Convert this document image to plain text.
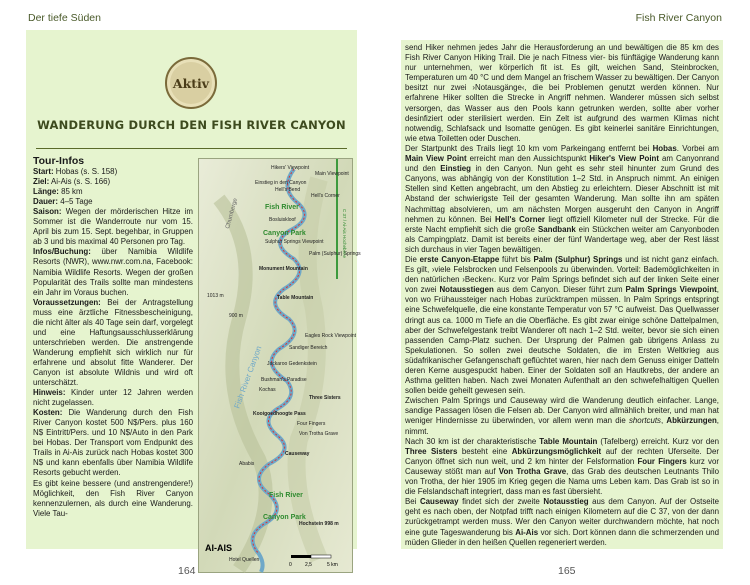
Der tiefe Süden
Aktiv
WANDERUNG DURCH DEN FISH RIVER CANYON
Tour-Infos

Start: Hobas (s. S. 158)

Ziel: Ai-Ais (s. S. 166)

Länge: 85 km

Dauer: 4–5 Tage

Saison: Wegen der mörderischen Hitze im Sommer ist die Wanderroute nur vom 15. April bis zum 15. Sept. begehbar, in Gruppen ab 3 und bis maximal 40 Personen pro Tag.

Infos/Buchung: über Namibia Wildlife Resorts (NWR), www.nwr.com.na, Facebook: Namibia Wildlife Resorts. Wegen der großen Popularität des Trails sollte man mindestens ein Jahr im Voraus buchen.

Voraussetzungen: Bei der Antragstellung muss eine ärztliche Fitnessbescheinigung, die nicht älter als 40 Tage sein darf, vorgelegt und eine Haftungsausschlusserklärung unterschrieben werden. Die anstrengende Wanderung empfiehlt sich wirklich nur für erfahrene und absolut fitte Wanderer. Der Canyon ist absolute Wildnis und wird oft unterschätzt.

Hinweis: Kinder unter 12 Jahren werden nicht zugelassen.

Kosten: Die Wanderung durch den Fish River Canyon kostet 500 N$/Pers. plus 160 N$ Eintritt/Pers. und 10 N$/Auto in den Park bei Hobas. Der Transport vom Endpunkt des Trails in Ai-Ais zurück nach Hobas kostet 300 N$ und kann ebenfalls über Namibia Wildlife Resorts gebucht werden.

Es gibt keine bessere (und anstrengendere!) Möglichkeit, den Fish River Canyon kennenzulernen, als durch eine Wanderung. Viele Tau-

Hikers' Viewpoint
Main Viewpoint
Einstieg in den Canyon
Hell's Bend
Hell's Corner
Bosluiskloof
Sulphur Springs Viewpoint
Palm (Sulphur) Springs
Monument Mountain
Table Mountain
Eagles Rock Viewpoint
Sandiger Bereich
Jackaroo Gedenkstein
Three Sisters
Bushman's Paradise
Kooigoedhoogte Pass
Kochas
Four Fingers
Von Trotha Grave
Causeway
Ababis
Hochstein 998 m
1013 m
900 m
Hotel Quellen
Fish River
Canyon Park
Fish River
Canyon Park
Chumberge
Fish River Canyon
C 37 / Ai-Ais Hochebene
AI-AIS
0	2,5	5 km
164
Fish River Canyon

send Hiker nehmen jedes Jahr die Herausforderung an und bewältigen die 85 km des Fish River Canyon Hiking Trail. Die je nach Fitness vier- bis fünftägige Wanderung kann nur unternehmen, wer körperlich fit ist. Es gilt, weichen Sand, Steinbrocken, Temperaturen um 40 °C und dem Mangel an frischem Wasser zu bewältigen. Der Canyon besitzt nur zwei ›Notausgänge‹, die bei Problemen genutzt werden können. Nur erfahrene Hiker sollten die Strecke in Angriff nehmen. Wanderer müssen sich selbst versorgen, das Wasser aus den Pools kann getrunken werden, sollte aber vorher desinfiziert oder sterilisiert werden. Ein Zelt ist aufgrund des warmen Klimas nicht notwendig, Schlafsack und Isomatte genügen. Es gibt keinerlei sanitäre Einrichtungen, wie etwa Toiletten oder Duschen.

Der Startpunkt des Trails liegt 10 km vom Parkeingang entfernt bei Hobas. Vorbei am Main View Point erreicht man den Aussichtspunkt Hiker's View Point am Canyonrand und den Einstieg in den Canyon. Nun geht es sehr steil hinunter zum Grund des Canyons, was abhängig von der Konstitution 1–2 Std. in Anspruch nimmt. An einigen Stellen sind Ketten angebracht, um den Abstieg zu erleichtern. Dieser Abschnitt ist mit Abstand der schwierigste Teil der gesamten Wanderung. Man sollte ihn am späten Nachmittag absolvieren, um am nächsten Morgen ausgeruht den Canyon in Angriff nehmen zu können. Bei Hell's Corner liegt offiziell Kilometer null der Strecke. Für die erste Nacht empfiehlt sich die große Sandbank ein Stückchen weiter am Canyonboden als Campingplatz. Damit ist bereits einer der fünf Wandertage weg, aber der Rest lässt sich durchaus in vier Tagen bewältigen.

Die erste Canyon-Etappe führt bis Palm (Sulphur) Springs und ist nicht ganz einfach. Es gilt, ›viele Felsbrocken und Felsenpools zu überwinden. Vorteil: Bademöglichkeiten in den natürlichen ›Becken‹. Kurz vor Palm Springs befindet sich auf der linken Seite einer von zwei Notausstiegen aus dem Canyon. Dieser führt zum Palm Springs Viewpoint, von wo Frühaussteiger nach Hobas zurücktrampen müssen. In Palm Springs entspringt eine Schwefelquelle, die eine konstante Temperatur von 57 °C aufweist. Das Quellwasser dringt aus ca. 1000 m Tiefe an die Oberfläche. Es gibt zwar einige schöne Dattelpalmen, aber der Schwefelgestank treibt Wanderer oft nach 1–2 Std. weiter, bevor sie sich einen passenden Camp-Platz suchen. Der Ursprung der Palmen gab übrigens Anlass zu Spekulationen. So sollen zwei deutsche Soldaten, die im Ersten Weltkrieg aus südafrikanischer Gefangenschaft geflüchtet waren, hier nach dem Genuss einiger Datteln deren Kerne ausgespuckt haben. Einer der Soldaten soll an Hautkrebs, der andere an Asthma gelitten haben. Nach zwei Monaten Aufenthalt an den schwefelhaltigen Quellen sollen beide geheilt gewesen sein.

Zwischen Palm Springs und Causeway wird die Wanderung deutlich einfacher. Lange, sandige Passagen lösen die Felsen ab. Der Canyon wird allmählich breiter, und man hat weniger Hindernisse zu überwinden, vor allem wenn man die shortcuts, Abkürzungen, nimmt.

Nach 30 km ist der charakteristische Table Mountain (Tafelberg) erreicht. Kurz vor den Three Sisters besteht eine Abkürzungsmöglichkeit auf der rechten Uferseite. Der Canyon öffnet sich nun weit, und 2 km hinter der Felsformation Four Fingers kurz vor Causeway stößt man auf Von Trotha Grave, das Grab des deutschen Leutnants Thilo von Trotha, der hier 1905 im Krieg gegen die Nama ums Leben kam. Das Grab ist so in die Felslandschaft integriert, dass man es fast übersieht.

Bei Causeway findet sich der zweite Notausstieg aus dem Canyon. Auf der Ostseite geht es nach oben, der Notpfad trifft nach einigen Kilometern auf die C 37, von der dann zurückgetrampt werden muss. Wer den Canyon weiter durchwandern möchte, hat noch eine gute Tageswanderung bis Ai-Ais vor sich. Dort können dann die schmerzenden und müden Glieder in den heißen Quellen regeneriert werden.

165
